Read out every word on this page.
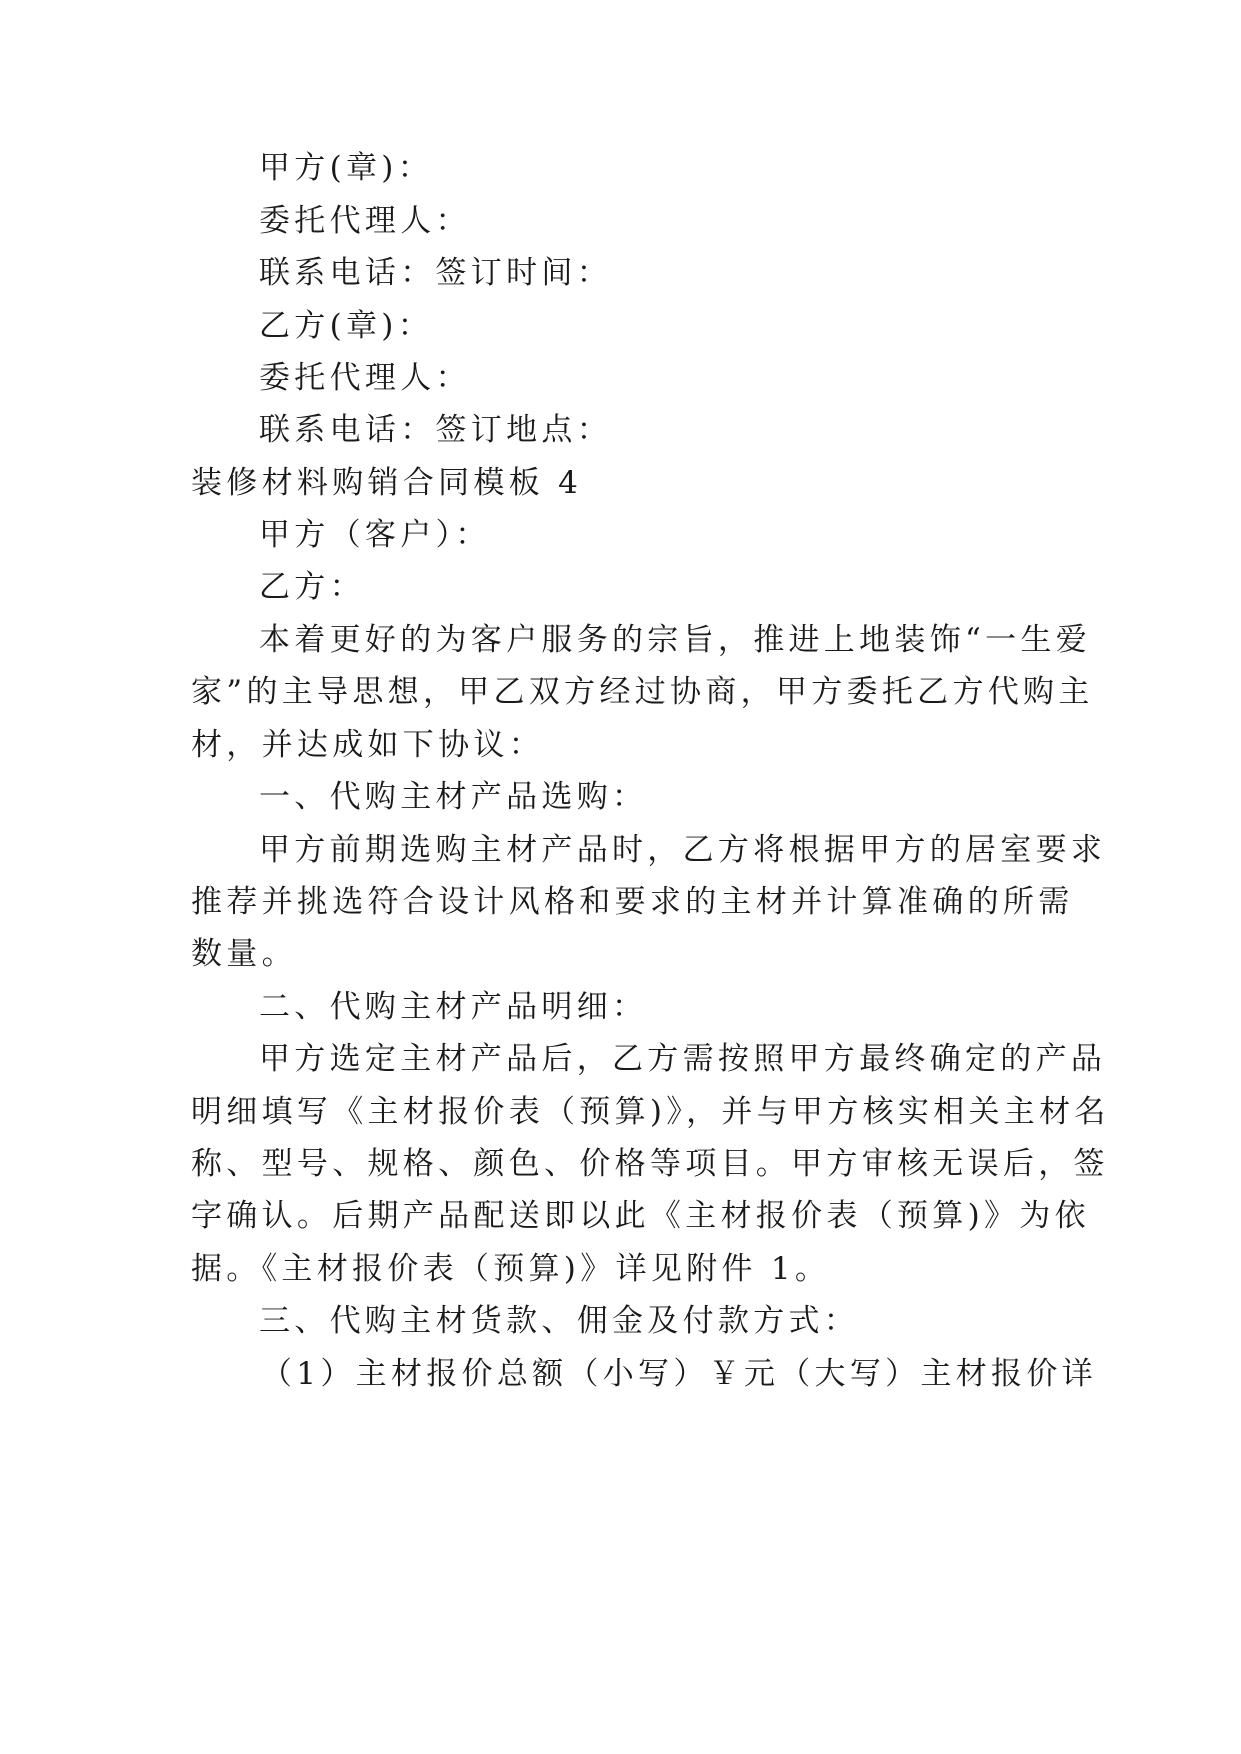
甲方(章)：
委托代理人：
联系电话：签订时间：
乙方(章)：
委托代理人：
联系电话：签订地点：
装修材料购销合同模板 4
甲方（客户）：
乙方：
本着更好的为客户服务的宗旨，推进上地装饰“一生爱
家”的主导思想，甲乙双方经过协商，甲方委托乙方代购主
材，并达成如下协议：
一、代购主材产品选购：
甲方前期选购主材产品时，乙方将根据甲方的居室要求
推荐并挑选符合设计风格和要求的主材并计算准确的所需
数量。
二、代购主材产品明细：
甲方选定主材产品后，乙方需按照甲方最终确定的产品
明细填写《主材报价表（预算)》，并与甲方核实相关主材名
称、型号、规格、颜色、价格等项目。甲方审核无误后，签
字确认。后期产品配送即以此《主材报价表（预算)》为依
据。《主材报价表（预算)》详见附件 1。
三、代购主材货款、佣金及付款方式：
（1）主材报价总额（小写）￥元（大写）主材报价详
